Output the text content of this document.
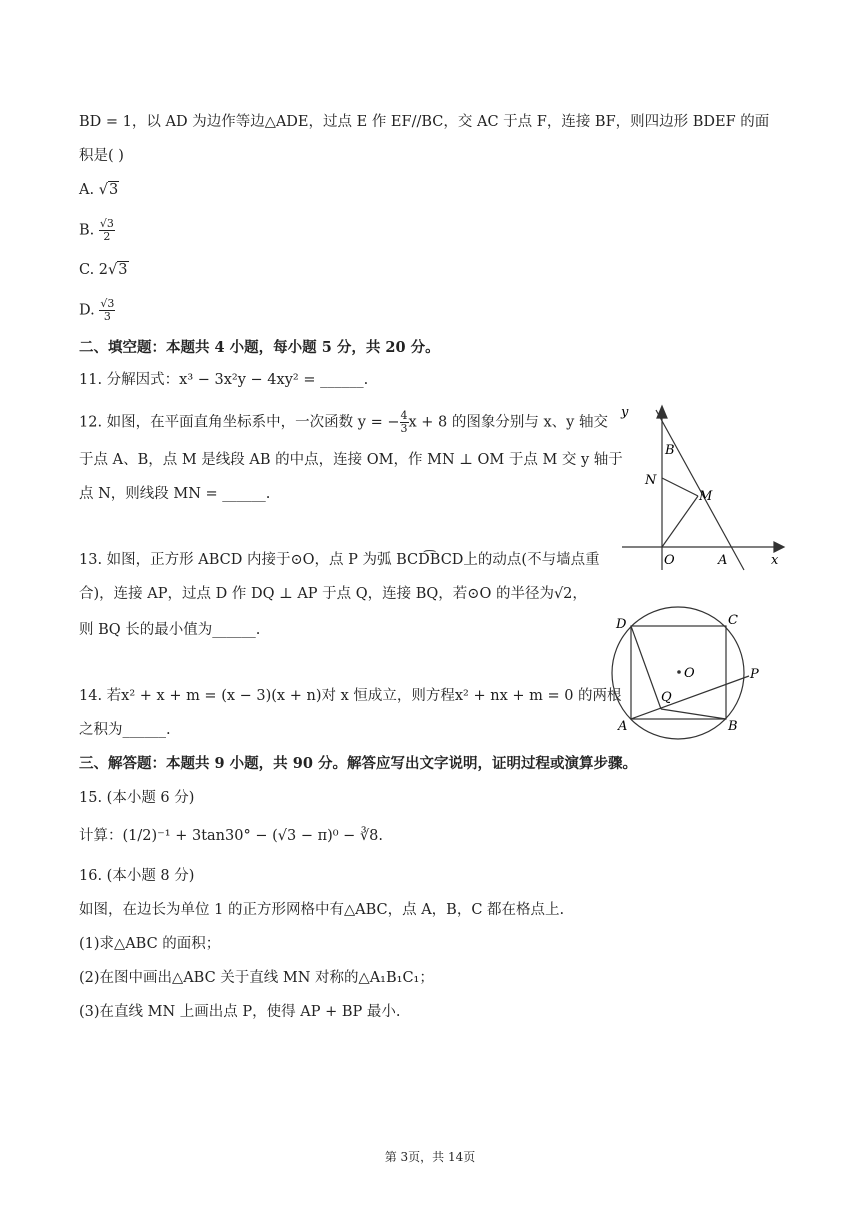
BD = 1，以 AD 为边作等边△ADE，过点 E 作 EF//BC，交 AC 于点 F，连接 BF，则四边形 BDEF 的面
积是( )
A. √3
B. $\frac{√3}{2}$
C. 2√3
D. $\frac{√3}{3}$
二、填空题：本题共 4 小题，每小题 5 分，共 20 分。
11. 分解因式：x³ − 3x²y − 4xy² = ______.
12. 如图，在平面直角坐标系中，一次函数 y = − $\frac{4}{3}$ x + 8 的图象分别与 x、y 轴交
于点 A、B，点 M 是线段 AB 的中点，连接 OM，作 MN ⊥ OM 于点 M 交 y 轴于
点 N，则线段 MN = ______.
13. 如图，正方形 ABCD 内接于⊙O，点 P 为弧 BCD͡BCD上的动点(不与墙点重
合)，连接 AP，过点 D 作 DQ ⊥ AP 于点 Q，连接 BQ，若⊙O 的半径为√2，
则 BQ 长的最小值为______.
14. 若x² + x + m = (x − 3)(x + n)对 x 恒成立，则方程x² + nx + m = 0 的两根
之积为______.
三、解答题：本题共 9 小题，共 90 分。解答应写出文字说明，证明过程或演算步骤。
15. (本小题 6 分)
计算：(1/2)⁻¹ + 3tan30° − (√3 − π)⁰ − ∛8.
16. (本小题 8 分)
如图，在边长为单位 1 的正方形网格中有△ABC，点 A，B，C 都在格点上.
(1)求△ABC 的面积；
(2)在图中画出△ABC 关于直线 MN 对称的△A₁B₁C₁；
(3)在直线 MN 上画出点 P，使得 AP + BP 最小.
y
x
B
N
M
O	A
D	C
O	P
Q
A	B
第 3页，共 14页
